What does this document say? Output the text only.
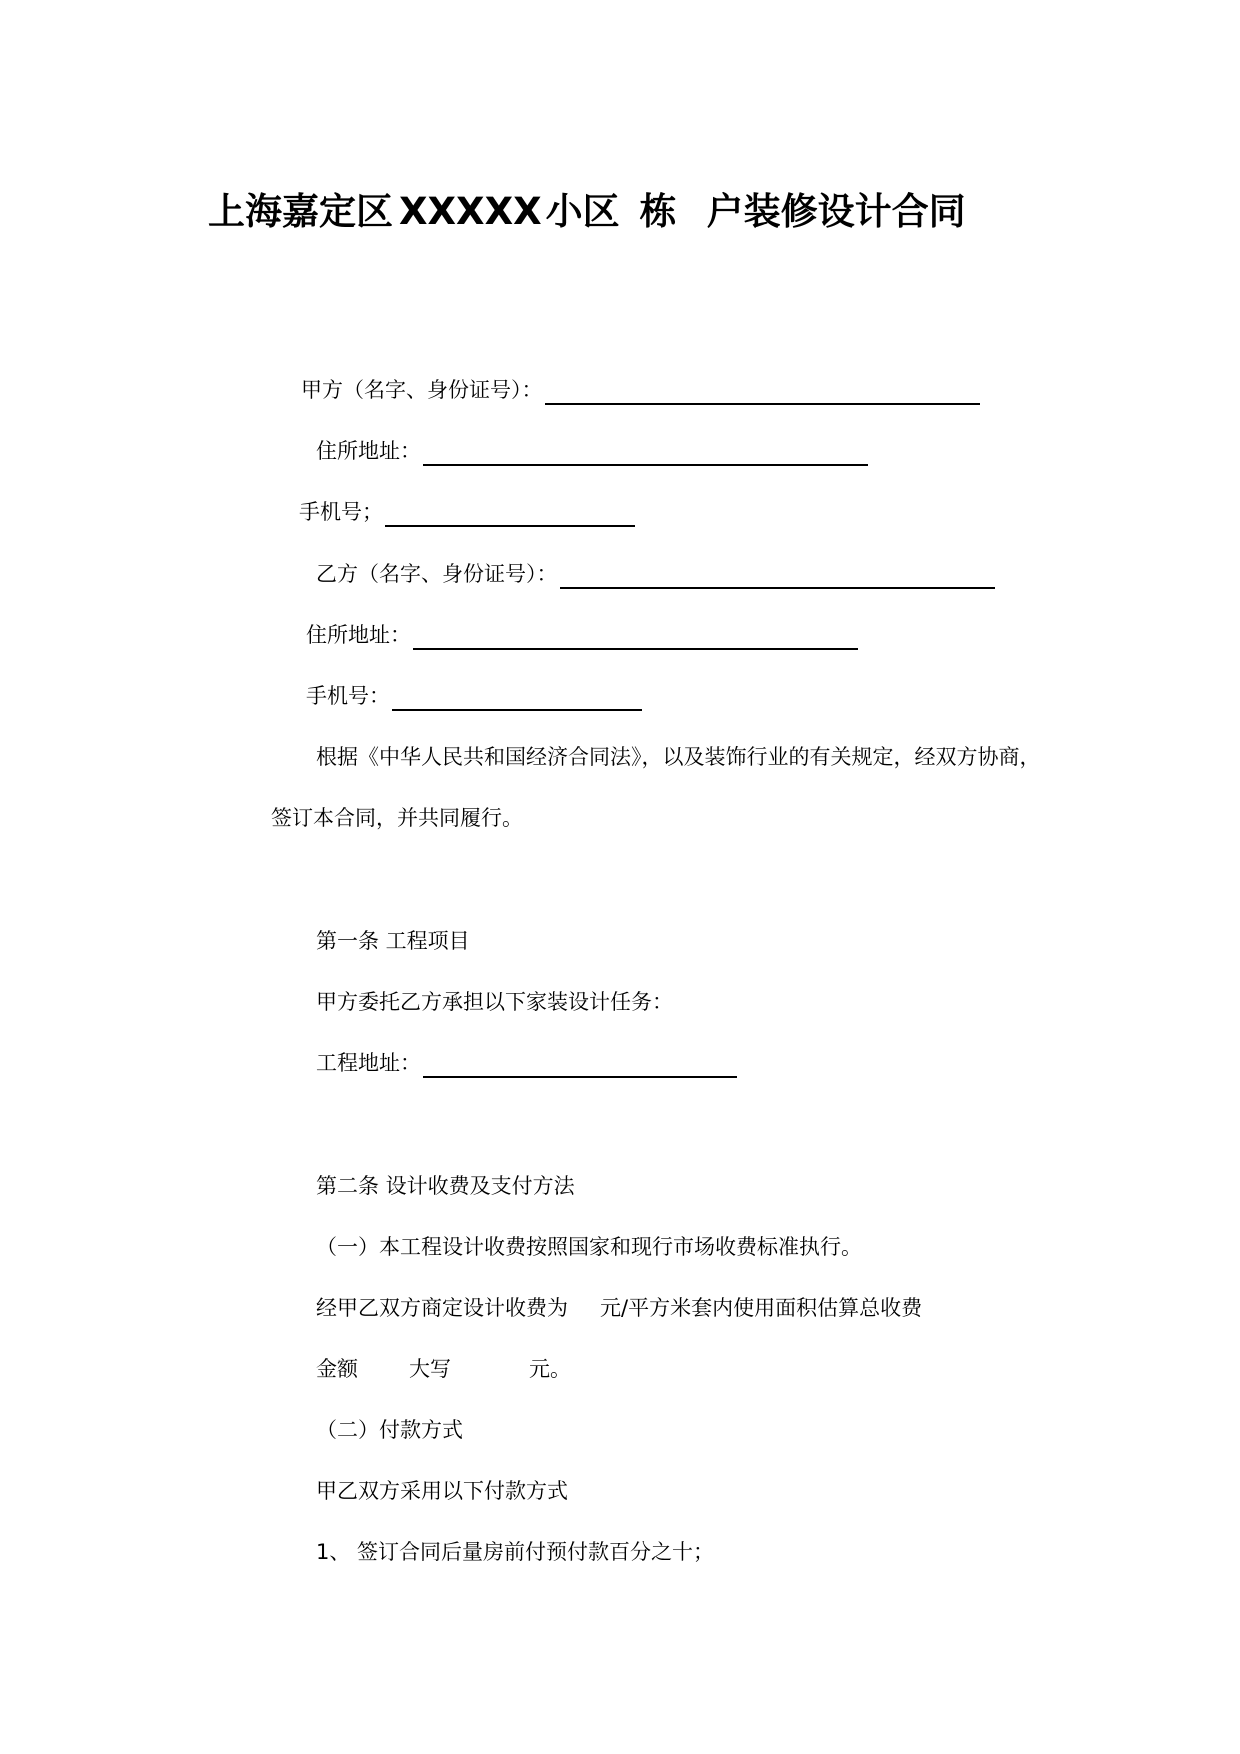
上海嘉定区 XXXXX 小区 栋 户装修设计合同
甲方（名字、身份证号）：
住所地址：
手机号；
乙方（名字、身份证号）：
住所地址：
手机号：
根据《中华人民共和国经济合同法》，以及装饰行业的有关规定，经双方协商，
签订本合同，并共同履行。
第一条 工程项目
甲方委托乙方承担以下家装设计任务：
工程地址：
第二条 设计收费及支付方法
（一）本工程设计收费按照国家和现行市场收费标准执行。
经甲乙双方商定设计收费为 元/平方米套内使用面积估算总收费
金额 大写	元。
（二）付款方式
甲乙双方采用以下付款方式
1、 签订合同后量房前付预付款百分之十；
